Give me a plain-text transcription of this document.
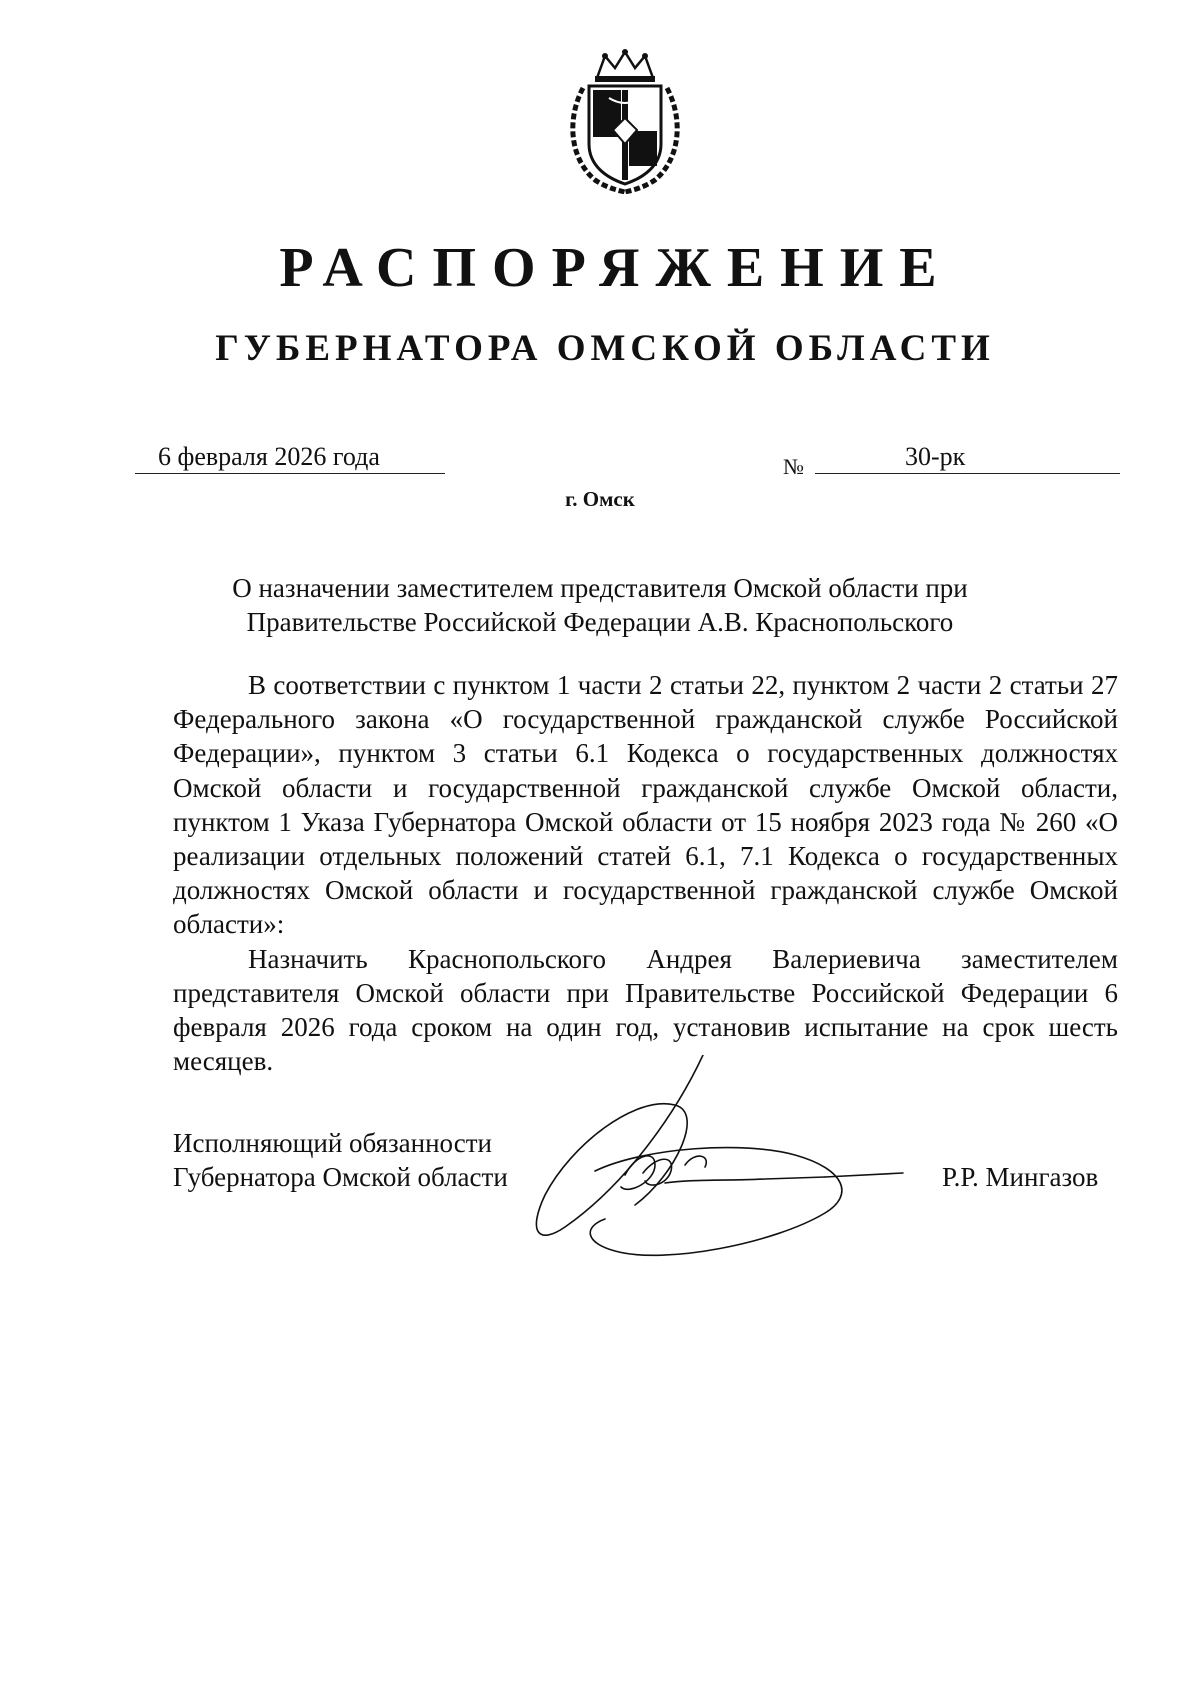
РАСПОРЯЖЕНИЕ
ГУБЕРНАТОРА ОМСКОЙ ОБЛАСТИ
6 февраля 2026 года	№	30-рк
г. Омск

О назначении заместителем представителя Омской области при Правительстве Российской Федерации А.В. Краснопольского

В соответствии с пунктом 1 части 2 статьи 22, пунктом 2 части 2 статьи 27 Федерального закона «О государственной гражданской службе Российской Федерации», пунктом 3 статьи 6.1 Кодекса о государственных должностях Омской области и государственной гражданской службе Омской области, пунктом 1 Указа Губернатора Омской области от 15 ноября 2023 года № 260 «О реализации отдельных положений статей 6.1, 7.1 Кодекса о государственных должностях Омской области и государственной гражданской службе Омской области»:

Назначить Краснопольского Андрея Валериевича заместителем представителя Омской области при Правительстве Российской Федерации 6 февраля 2026 года сроком на один год, установив испытание на срок шесть месяцев.

Исполняющий обязанности
Губернатора Омской области	Р.Р. Мингазов
